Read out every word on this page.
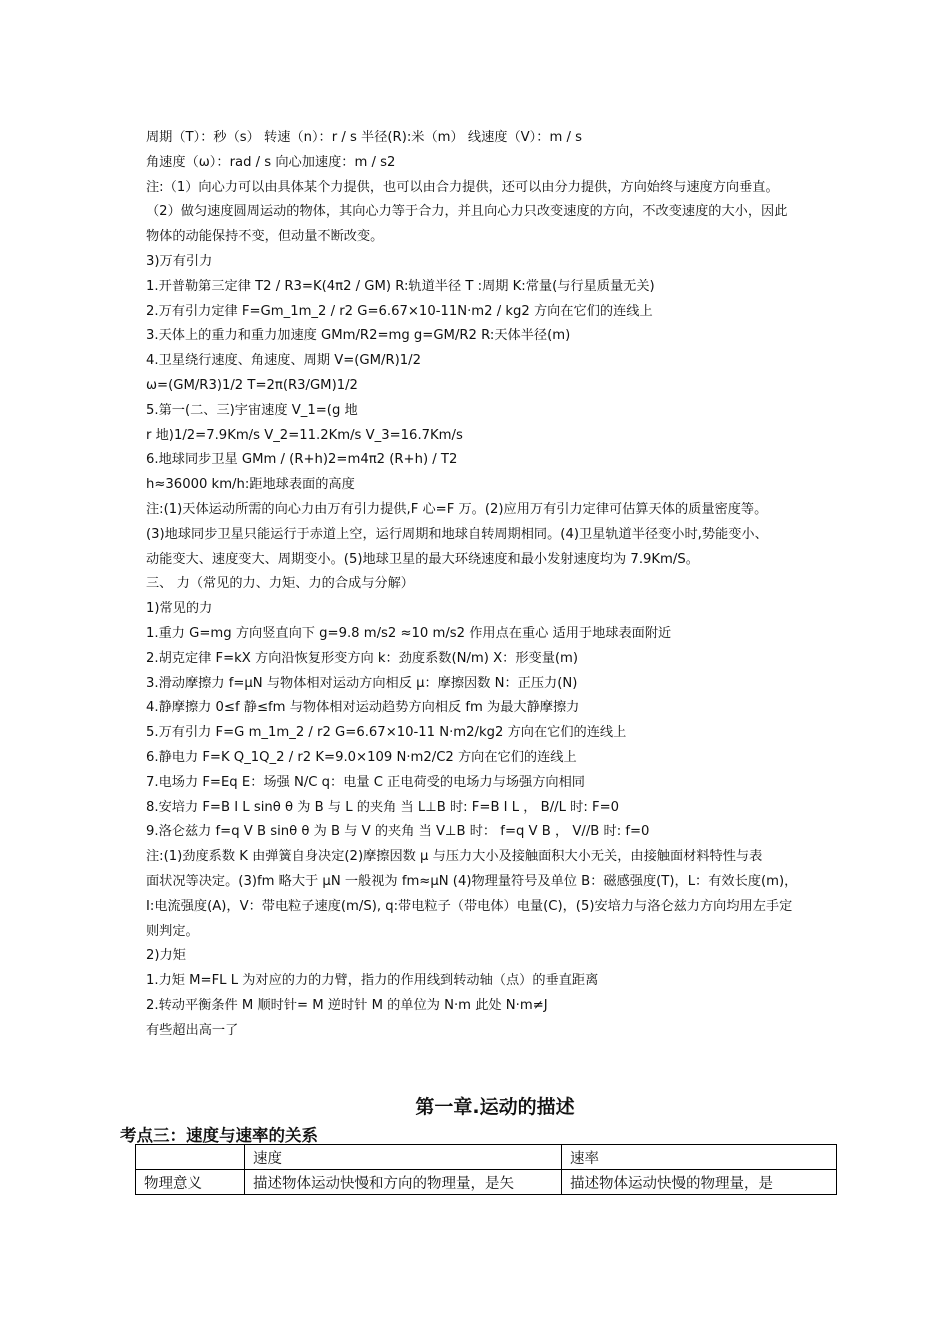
周期（T）：秒（s） 转速（n）：r / s 半径(R):米（m） 线速度（V）：m / s
角速度（ω）：rad / s 向心加速度：m / s2
注:（1）向心力可以由具体某个力提供，也可以由合力提供，还可以由分力提供，方向始终与速度方向垂直。
（2）做匀速度圆周运动的物体，其向心力等于合力，并且向心力只改变速度的方向，不改变速度的大小，因此
物体的动能保持不变，但动量不断改变。
3)万有引力
1.开普勒第三定律 T2 / R3=K(4π2 / GM) R:轨道半径 T :周期 K:常量(与行星质量无关)
2.万有引力定律 F=Gm_1m_2 / r2 G=6.67×10-11N·m2 / kg2 方向在它们的连线上
3.天体上的重力和重力加速度 GMm/R2=mg g=GM/R2 R:天体半径(m)
4.卫星绕行速度、角速度、周期 V=(GM/R)1/2
ω=(GM/R3)1/2 T=2π(R3/GM)1/2
5.第一(二、三)宇宙速度 V_1=(g 地
r 地)1/2=7.9Km/s V_2=11.2Km/s V_3=16.7Km/s
6.地球同步卫星 GMm / (R+h)2=m4π2 (R+h) / T2
h≈36000 km/h:距地球表面的高度
注:(1)天体运动所需的向心力由万有引力提供,F 心=F 万。(2)应用万有引力定律可估算天体的质量密度等。
(3)地球同步卫星只能运行于赤道上空，运行周期和地球自转周期相同。(4)卫星轨道半径变小时,势能变小、
动能变大、速度变大、周期变小。(5)地球卫星的最大环绕速度和最小发射速度均为 7.9Km/S。
三、 力（常见的力、力矩、力的合成与分解）
1)常见的力
1.重力 G=mg 方向竖直向下 g=9.8 m/s2 ≈10 m/s2 作用点在重心 适用于地球表面附近
2.胡克定律 F=kX 方向沿恢复形变方向 k：劲度系数(N/m) X：形变量(m)
3.滑动摩擦力 f=μN 与物体相对运动方向相反 μ：摩擦因数 N：正压力(N)
4.静摩擦力 0≤f 静≤fm 与物体相对运动趋势方向相反 fm 为最大静摩擦力
5.万有引力 F=G m_1m_2 / r2 G=6.67×10-11 N·m2/kg2 方向在它们的连线上
6.静电力 F=K Q_1Q_2 / r2 K=9.0×109 N·m2/C2 方向在它们的连线上
7.电场力 F=Eq E：场强 N/C q：电量 C 正电荷受的电场力与场强方向相同
8.安培力 F=B I L sinθ θ 为 B 与 L 的夹角 当 L⊥B 时: F=B I L ， B//L 时: F=0
9.洛仑兹力 f=q V B sinθ θ 为 B 与 V 的夹角 当 V⊥B 时： f=q V B ， V//B 时: f=0
注:(1)劲度系数 K 由弹簧自身决定(2)摩擦因数 μ 与压力大小及接触面积大小无关，由接触面材料特性与表
面状况等决定。(3)fm 略大于 μN 一般视为 fm≈μN (4)物理量符号及单位 B：磁感强度(T)，L：有效长度(m)，
I:电流强度(A)，V：带电粒子速度(m/S), q:带电粒子（带电体）电量(C)，(5)安培力与洛仑兹力方向均用左手定
则判定。
2)力矩
1.力矩 M=FL L 为对应的力的力臂，指力的作用线到转动轴（点）的垂直距离
2.转动平衡条件 M 顺时针= M 逆时针 M 的单位为 N·m 此处 N·m≠J
有些超出高一了
第一章.运动的描述
考点三：速度与速率的关系
	速度	速率
物理意义	描述物体运动快慢和方向的物理量，是矢	描述物体运动快慢的物理量，是
